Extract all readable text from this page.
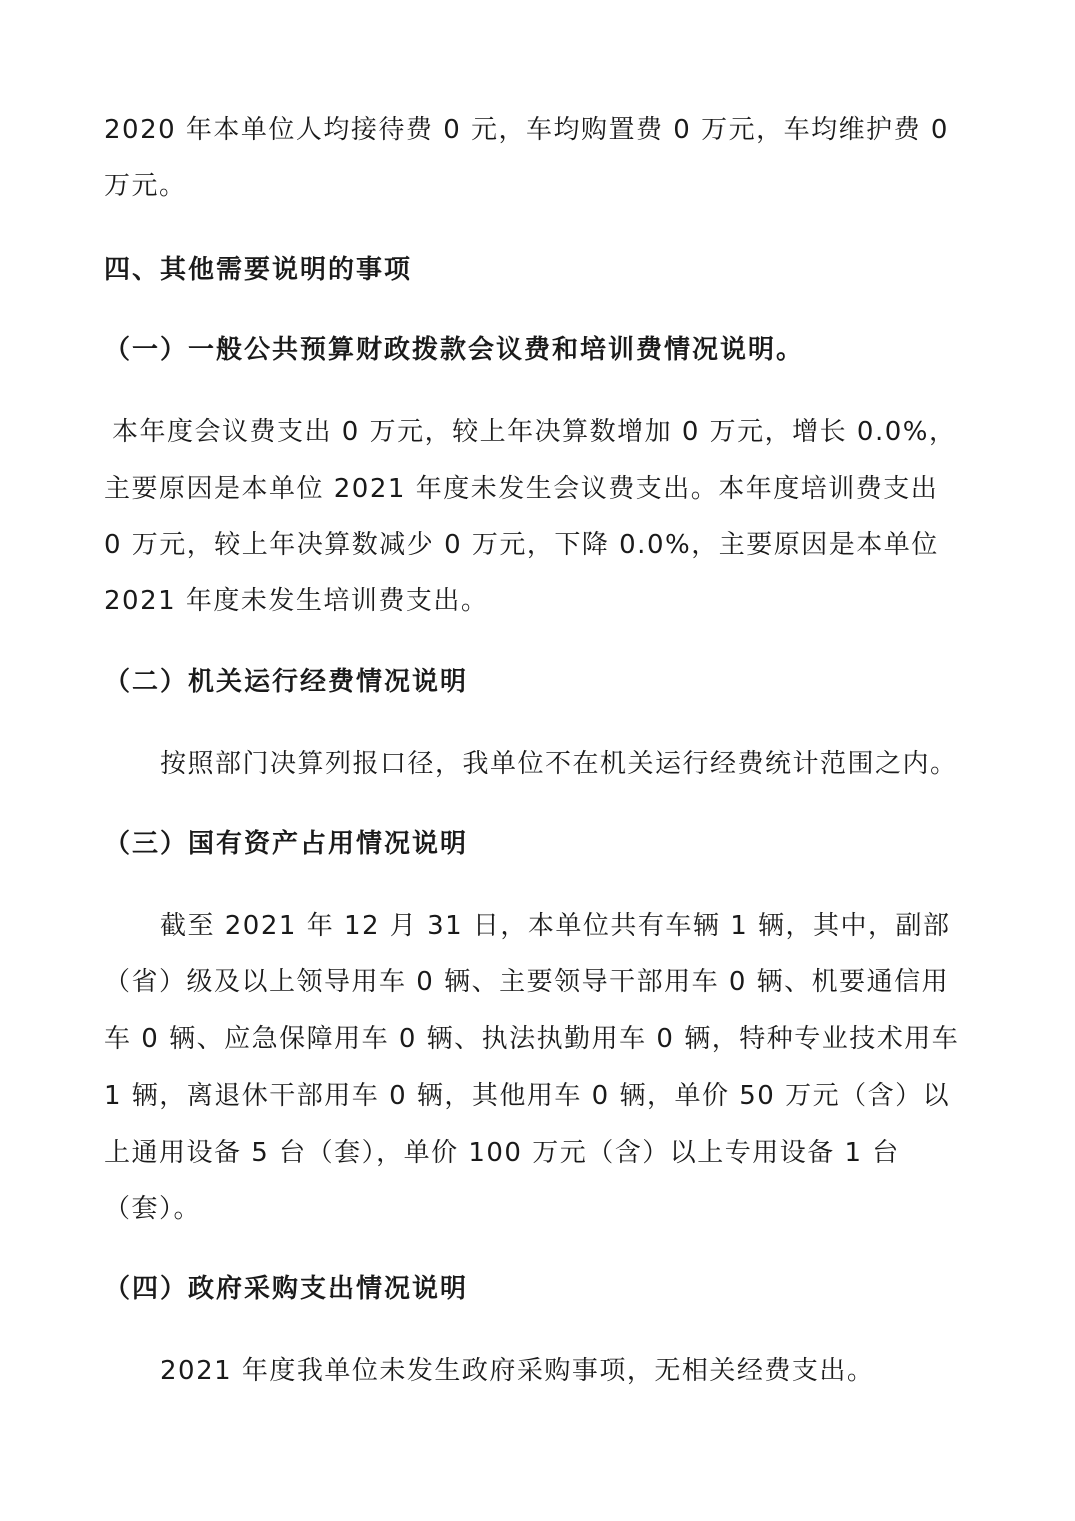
2020 年本单位人均接待费 0 元，车均购置费 0 万元，车均维护费 0
万元。
四、其他需要说明的事项
（一）一般公共预算财政拨款会议费和培训费情况说明。
本年度会议费支出 0 万元，较上年决算数增加 0 万元，增长 0.0%，
主要原因是本单位 2021 年度未发生会议费支出。本年度培训费支出
0 万元，较上年决算数减少 0 万元，下降 0.0%，主要原因是本单位
2021 年度未发生培训费支出。
（二）机关运行经费情况说明
按照部门决算列报口径，我单位不在机关运行经费统计范围之内。
（三）国有资产占用情况说明
截至 2021 年 12 月 31 日，本单位共有车辆 1 辆，其中，副部
（省）级及以上领导用车 0 辆、主要领导干部用车 0 辆、机要通信用
车 0 辆、应急保障用车 0 辆、执法执勤用车 0 辆，特种专业技术用车
1 辆，离退休干部用车 0 辆，其他用车 0 辆，单价 50 万元（含）以
上通用设备 5 台（套），单价 100 万元（含）以上专用设备 1 台
（套）。
（四）政府采购支出情况说明
2021 年度我单位未发生政府采购事项，无相关经费支出。
